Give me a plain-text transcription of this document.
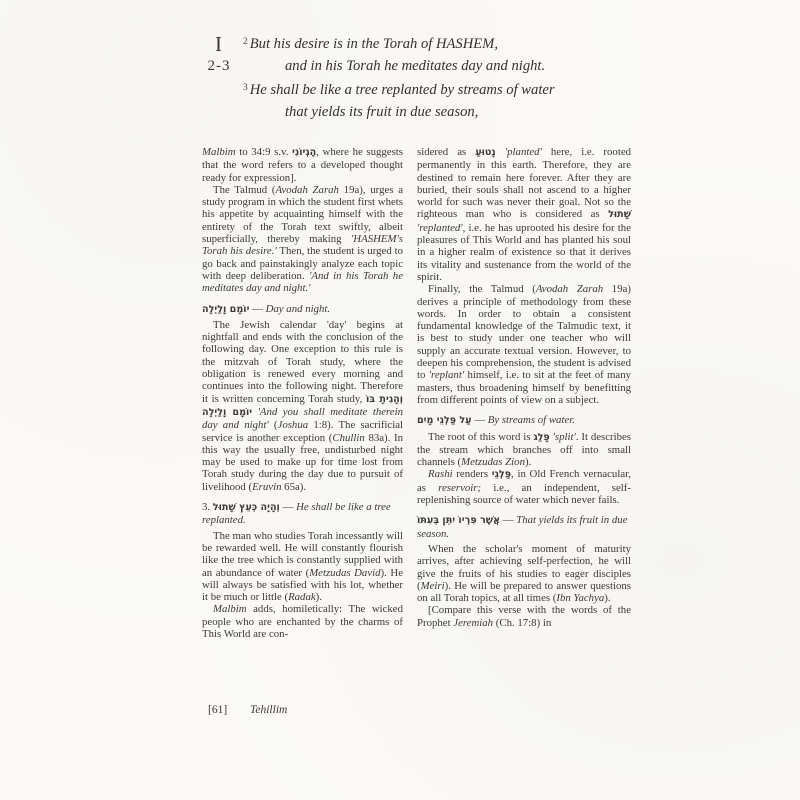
I
2-3
$^2$ But his desire is in the Torah of HASHEM,
and in his Torah he meditates day and night.
$^3$ He shall be like a tree replanted by streams of water
that yields its fruit in due season,

Malbim to 34:9 s.v. הֶגְיוֹנִי, where he suggests that the word refers to a developed thought ready for expression].

The Talmud (Avodah Zarah 19a), urges a study program in which the student first whets his appetite by acquainting himself with the entirety of the Torah text swiftly, albeit superficially, thereby making 'HASHEM's Torah his desire.' Then, the student is urged to go back and painstakingly analyze each topic with deep deliberation. 'And in his Torah he meditates day and night.'

יוֹמָם וָלַיְלָה — Day and night.

The Jewish calendar 'day' begins at nightfall and ends with the conclusion of the following day. One exception to this rule is the mitzvah of Torah study, where the obligation is renewed every morning and continues into the following night. Therefore it is written concerning Torah study, וְהָגִיתָ בּוֹ יוֹמָם וָלַיְלָה 'And you shall meditate therein day and night' (Joshua 1:8). The sacrificial service is another exception (Chullin 83a). In this way the usually free, undisturbed night may be used to make up for time lost from Torah study during the day due to pursuit of livelihood (Eruvin 65a).

3. וְהָיָה כְּעֵץ שָׁתוּל — He shall be like a tree replanted.

The man who studies Torah incessantly will be rewarded well. He will constantly flourish like the tree which is constantly supplied with an abundance of water (Metzudas David). He will always be satisfied with his lot, whether it be much or little (Radak).

Malbim adds, homiletically: The wicked people who are enchanted by the charms of This World are con-

sidered as נָטוּעַ 'planted' here, i.e. rooted permanently in this earth. Therefore, they are destined to remain here forever. After they are buried, their souls shall not ascend to a higher world for such was never their goal. Not so the righteous man who is considered as שָׁתוּל 'replanted', i.e. he has uprooted his desire for the pleasures of This World and has planted his soul in a higher realm of existence so that it derives its vitality and sustenance from the world of the spirit.

Finally, the Talmud (Avodah Zarah 19a) derives a principle of methodology from these words. In order to obtain a consistent fundamental knowledge of the Talmudic text, it is best to study under one teacher who will supply an accurate textual version. However, to deepen his comprehension, the student is advised to 'replant' himself, i.e. to sit at the feet of many masters, thus broadening himself by benefitting from different points of view on a subject.

עַל פַּלְגֵי מָיִם — By streams of water.

The root of this word is פָּלַג 'split'. It describes the stream which branches off into small channels (Metzudas Zion).

Rashi renders פַּלְגֵי, in Old French vernacular, as reservoir; i.e., an independent, self-replenishing source of water which never fails.

אֲשֶׁר פִּרְיוֹ יִתֵּן בְּעִתּוֹ — That yields its fruit in due season.

When the scholar's moment of maturity arrives, after achieving self-perfection, he will give the fruits of his studies to eager disciples (Meiri). He will be prepared to answer questions on all Torah topics, at all times (Ibn Yachya).

[Compare this verse with the words of the Prophet Jeremiah (Ch. 17:8) in

[61] Tehillim
